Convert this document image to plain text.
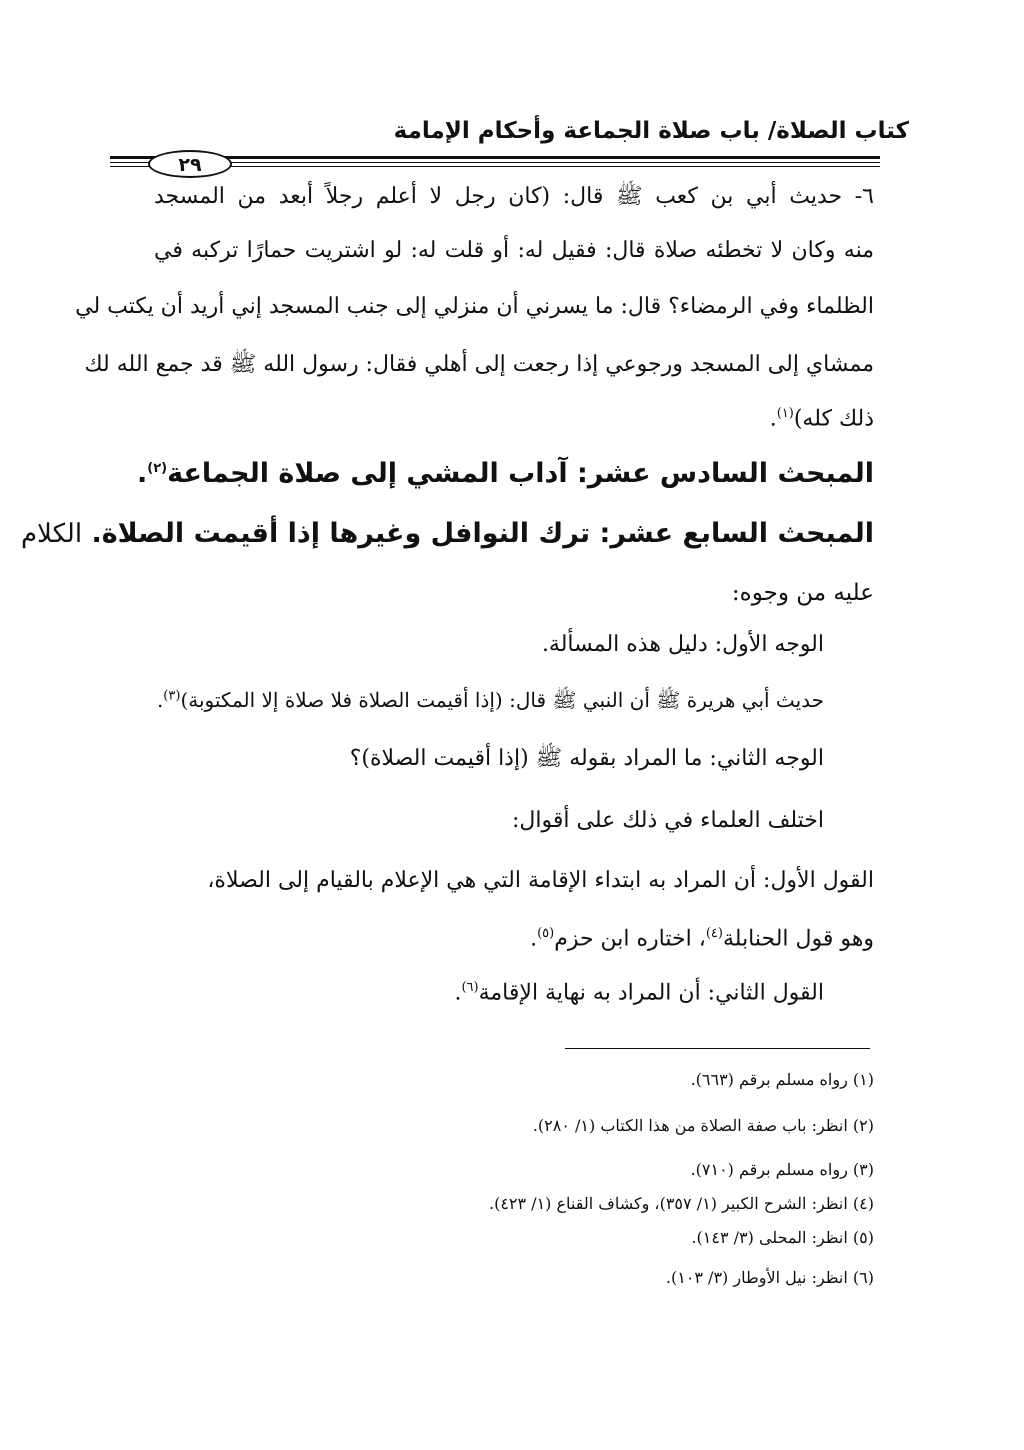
كتاب الصلاة/ باب صلاة الجماعة وأحكام الإمامة
٢٩
٦- حديث أبي بن كعب ﷺ قال: (كان رجل لا أعلم رجلاً أبعد من المسجد
منه وكان لا تخطئه صلاة قال: فقيل له: أو قلت له: لو اشتريت حمارًا تركبه في
الظلماء وفي الرمضاء؟ قال: ما يسرني أن منزلي إلى جنب المسجد إني أريد أن يكتب لي
ممشاي إلى المسجد ورجوعي إذا رجعت إلى أهلي فقال: رسول الله ﷺ قد جمع الله لك
ذلك كله)$^{(١)}$.
المبحث السادس عشر: آداب المشي إلى صلاة الجماعة$^{(٢)}$.
المبحث السابع عشر: ترك النوافل وغيرها إذا أقيمت الصلاة. الكلام
عليه من وجوه:
الوجه الأول: دليل هذه المسألة.
حديث أبي هريرة ﷺ أن النبي ﷺ قال: (إذا أقيمت الصلاة فلا صلاة إلا المكتوبة)$^{(٣)}$.
الوجه الثاني: ما المراد بقوله ﷺ (إذا أقيمت الصلاة)؟
اختلف العلماء في ذلك على أقوال:
القول الأول: أن المراد به ابتداء الإقامة التي هي الإعلام بالقيام إلى الصلاة،
وهو قول الحنابلة$^{(٤)}$، اختاره ابن حزم$^{(٥)}$.
القول الثاني: أن المراد به نهاية الإقامة$^{(٦)}$.
(١) رواه مسلم برقم (٦٦٣).
(٢) انظر: باب صفة الصلاة من هذا الكتاب (١/ ٢٨٠).
(٣) رواه مسلم برقم (٧١٠).
(٤) انظر: الشرح الكبير (١/ ٣٥٧)، وكشاف القناع (١/ ٤٢٣).
(٥) انظر: المحلى (٣/ ١٤٣).
(٦) انظر: نيل الأوطار (٣/ ١٠٣).
